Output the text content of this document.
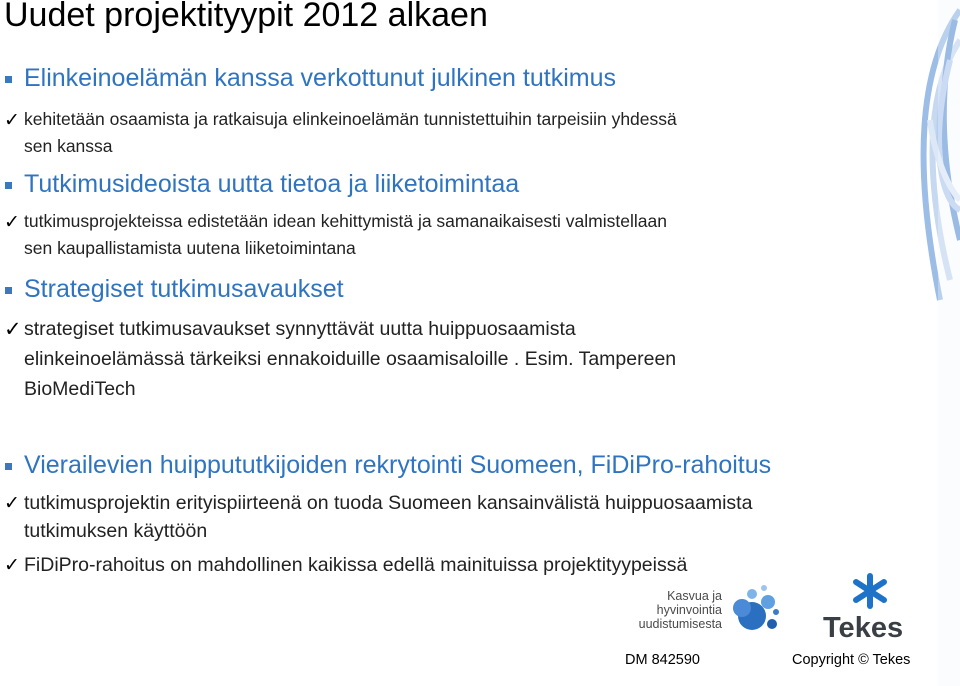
Uudet projektityypit 2012 alkaen
Elinkeinoelämän kanssa verkottunut julkinen tutkimus
✓ kehitetään osaamista ja ratkaisuja elinkeinoelämän tunnistettuihin tarpeisiin yhdessä
sen kanssa
Tutkimusideoista uutta tietoa ja liiketoimintaa
✓ tutkimusprojekteissa edistetään idean kehittymistä ja samanaikaisesti valmistellaan
sen kaupallistamista uutena liiketoimintana
Strategiset tutkimusavaukset
✓ strategiset tutkimusavaukset synnyttävät uutta huippuosaamista
elinkeinoelämässä tärkeiksi ennakoiduille osaamisaloille . Esim. Tampereen
BioMediTech
Vierailevien huippututkijoiden rekrytointi Suomeen, FiDiPro-rahoitus
✓ tutkimusprojektin erityispiirteenä on tuoda Suomeen kansainvälistä huippuosaamista
tutkimuksen käyttöön
✓ FiDiPro-rahoitus on mahdollinen kaikissa edellä mainituissa projektityypeissä
Kasvua ja
hyvinvointia
uudistumisesta	Tekes
DM 842590	Copyright © Tekes
